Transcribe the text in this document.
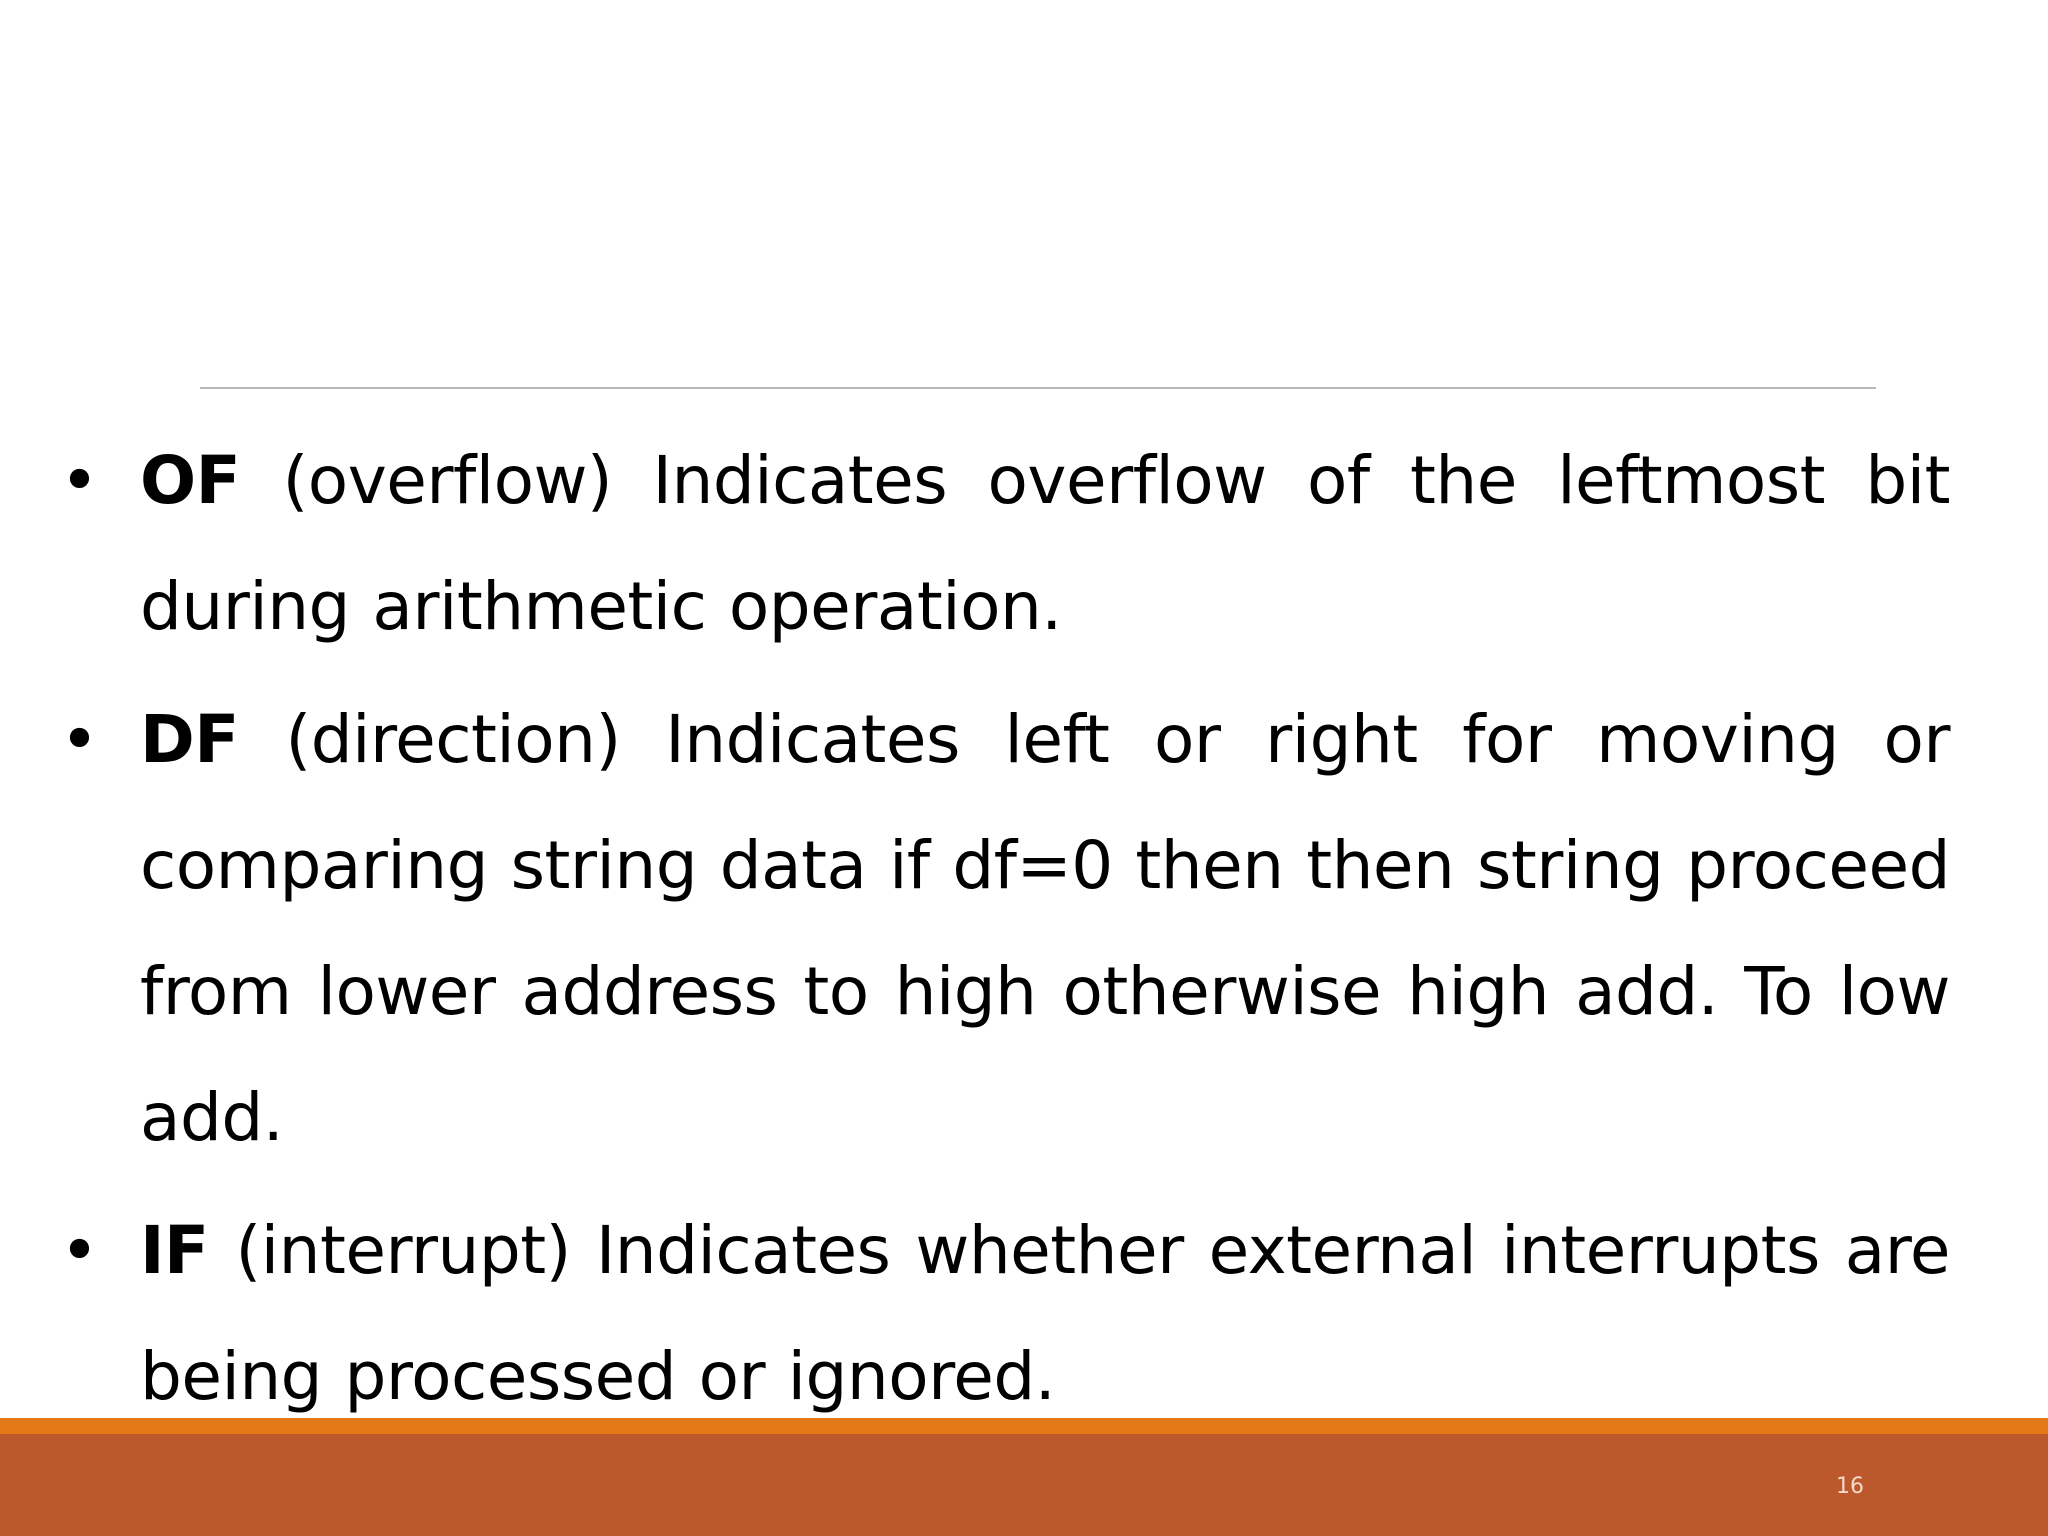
• OF (overflow) Indicates overflow of the leftmost bit during arithmetic operation.
• DF (direction) Indicates left or right for moving or comparing string data if df=0 then then string proceed from lower address to high otherwise high add. To low add.
• IF (interrupt) Indicates whether external interrupts are being processed or ignored.
16
